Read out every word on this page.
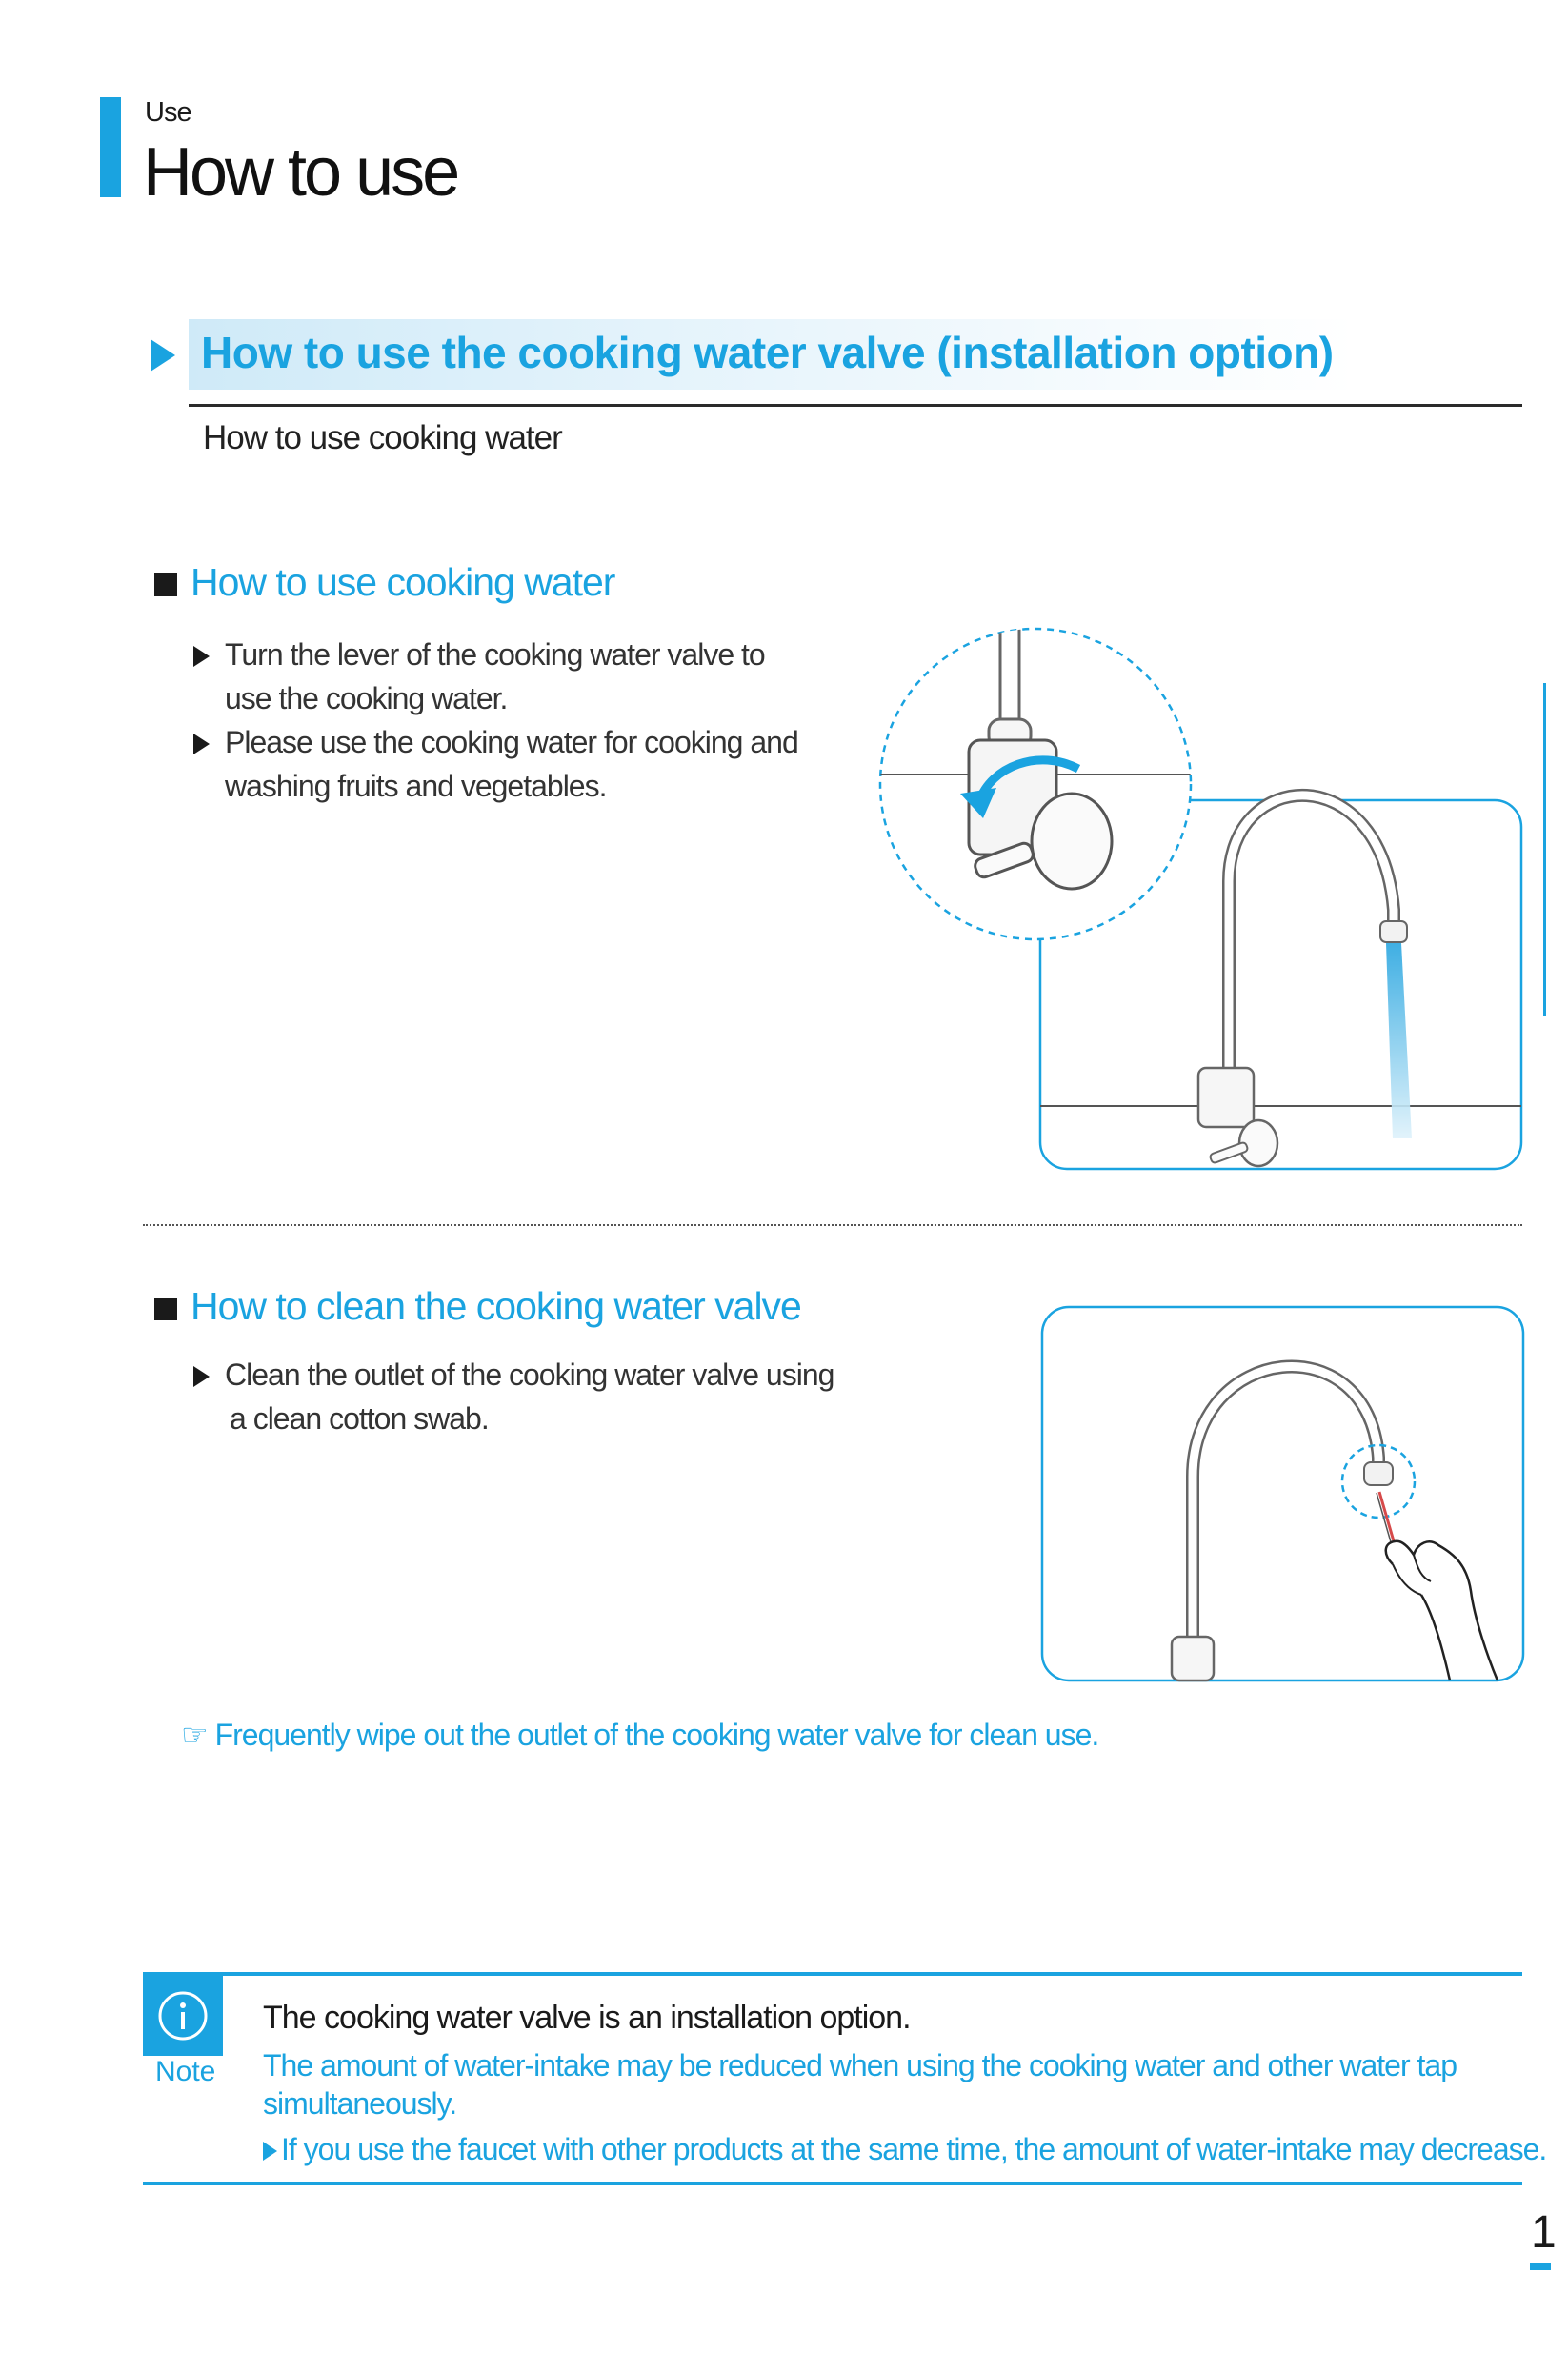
Use
How to use
How to use the cooking water valve (installation option)
How to use cooking water
How to use cooking water
Turn the lever of the cooking water valve to
use the cooking water.
Please use the cooking water for cooking and
washing fruits and vegetables.
How to clean the cooking water valve
Clean the outlet of the cooking water valve using
a clean cotton swab.
☞ Frequently wipe out the outlet of the cooking water valve for clean use.
Note
The cooking water valve is an installation option.
The amount of water-intake may be reduced when using the cooking water and other water tap simultaneously.
If you use the faucet with other products at the same time, the amount of water-intake may decrease.
1
